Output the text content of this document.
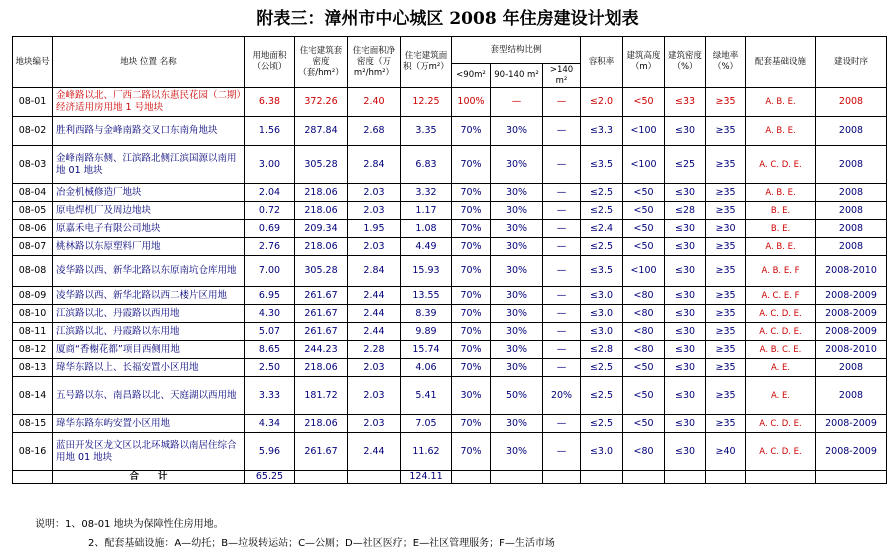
附表三：漳州市中心城区 2008 年住房建设计划表
地块编号	地块 位置 名称	用地面积（公顷）	住宅建筑套密度（套/hm²）	住宅面积净密度（万m²/hm²）	住宅建筑面积（万m²）	套型结构比例			容积率	建筑高度（m）	建筑密度（%）	绿地率（%）	配套基础设施	建设时序
						<90m²	90-140 m²	>140 m²						
08-01	金峰路以北、厂西二路以东惠民花园（二期）经济适用房用地 1 号地块	6.38	372.26	2.40	12.25	100%	—	—	≤2.0	<50	≤33	≥35	A. B. E.	2008
08-02	胜利西路与金峰南路交叉口东南角地块	1.56	287.84	2.68	3.35	70%	30%	—	≤3.3	<100	≤30	≥35	A. B. E.	2008
08-03	金峰南路东侧、江滨路北侧江滨国源以南用地 01 地块	3.00	305.28	2.84	6.83	70%	30%	—	≤3.5	<100	≤25	≥35	A. C. D. E.	2008
08-04	冶金机械修造厂地块	2.04	218.06	2.03	3.32	70%	30%	—	≤2.5	<50	≤30	≥35	A. B. E.	2008
08-05	原电焊机厂及周边地块	0.72	218.06	2.03	1.17	70%	30%	—	≤2.5	<50	≤28	≥35	B. E.	2008
08-06	原嘉禾电子有限公司地块	0.69	209.34	1.95	1.08	70%	30%	—	≤2.4	<50	≤30	≥30	B. E.	2008
08-07	桃林路以东原塑料厂用地	2.76	218.06	2.03	4.49	70%	30%	—	≤2.5	<50	≤30	≥35	A. B. E.	2008
08-08	凌华路以西、新华北路以东原南坑仓库用地	7.00	305.28	2.84	15.93	70%	30%	—	≤3.5	<100	≤30	≥35	A. B. E. F	2008-2010
08-09	凌华路以西、新华北路以西二楼片区用地	6.95	261.67	2.44	13.55	70%	30%	—	≤3.0	<80	≤30	≥35	A. C. E. F	2008-2009
08-10	江滨路以北、丹霞路以西用地	4.30	261.67	2.44	8.39	70%	30%	—	≤3.0	<80	≤30	≥35	A. C. D. E.	2008-2009
08-11	江滨路以北、丹霞路以东用地	5.07	261.67	2.44	9.89	70%	30%	—	≤3.0	<80	≤30	≥35	A. C. D. E.	2008-2009
08-12	厦商“香榭花都”项目西侧用地	8.65	244.23	2.28	15.74	70%	30%	—	≤2.8	<80	≤30	≥35	A. B. C. E.	2008-2010
08-13	瑋华东路以上、长福安置小区用地	2.50	218.06	2.03	4.06	70%	30%	—	≤2.5	<50	≤30	≥35	A. E.	2008
08-14	五号路以东、南昌路以北、天庭湖以西用地	3.33	181.72	2.03	5.41	30%	50%	20%	≤2.5	<50	≤30	≥35	A. E.	2008
08-15	瑋华东路东屿安置小区用地	4.34	218.06	2.03	7.05	70%	30%	—	≤2.5	<50	≤30	≥35	A. C. D. E.	2008-2009
08-16	蓝田开发区龙文区以北环城路以南居住综合用地 01 地块	5.96	261.67	2.44	11.62	70%	30%	—	≤3.0	<80	≤30	≥40	A. C. D. E.	2008-2009
	合　　计	65.25			124.11									
说明：1、08-01 地块为保障性住房用地。
2、配套基础设施：A—幼托；B—垃圾转运站；C—公厕；D—社区医疗；E—社区管理服务；F—生活市场
